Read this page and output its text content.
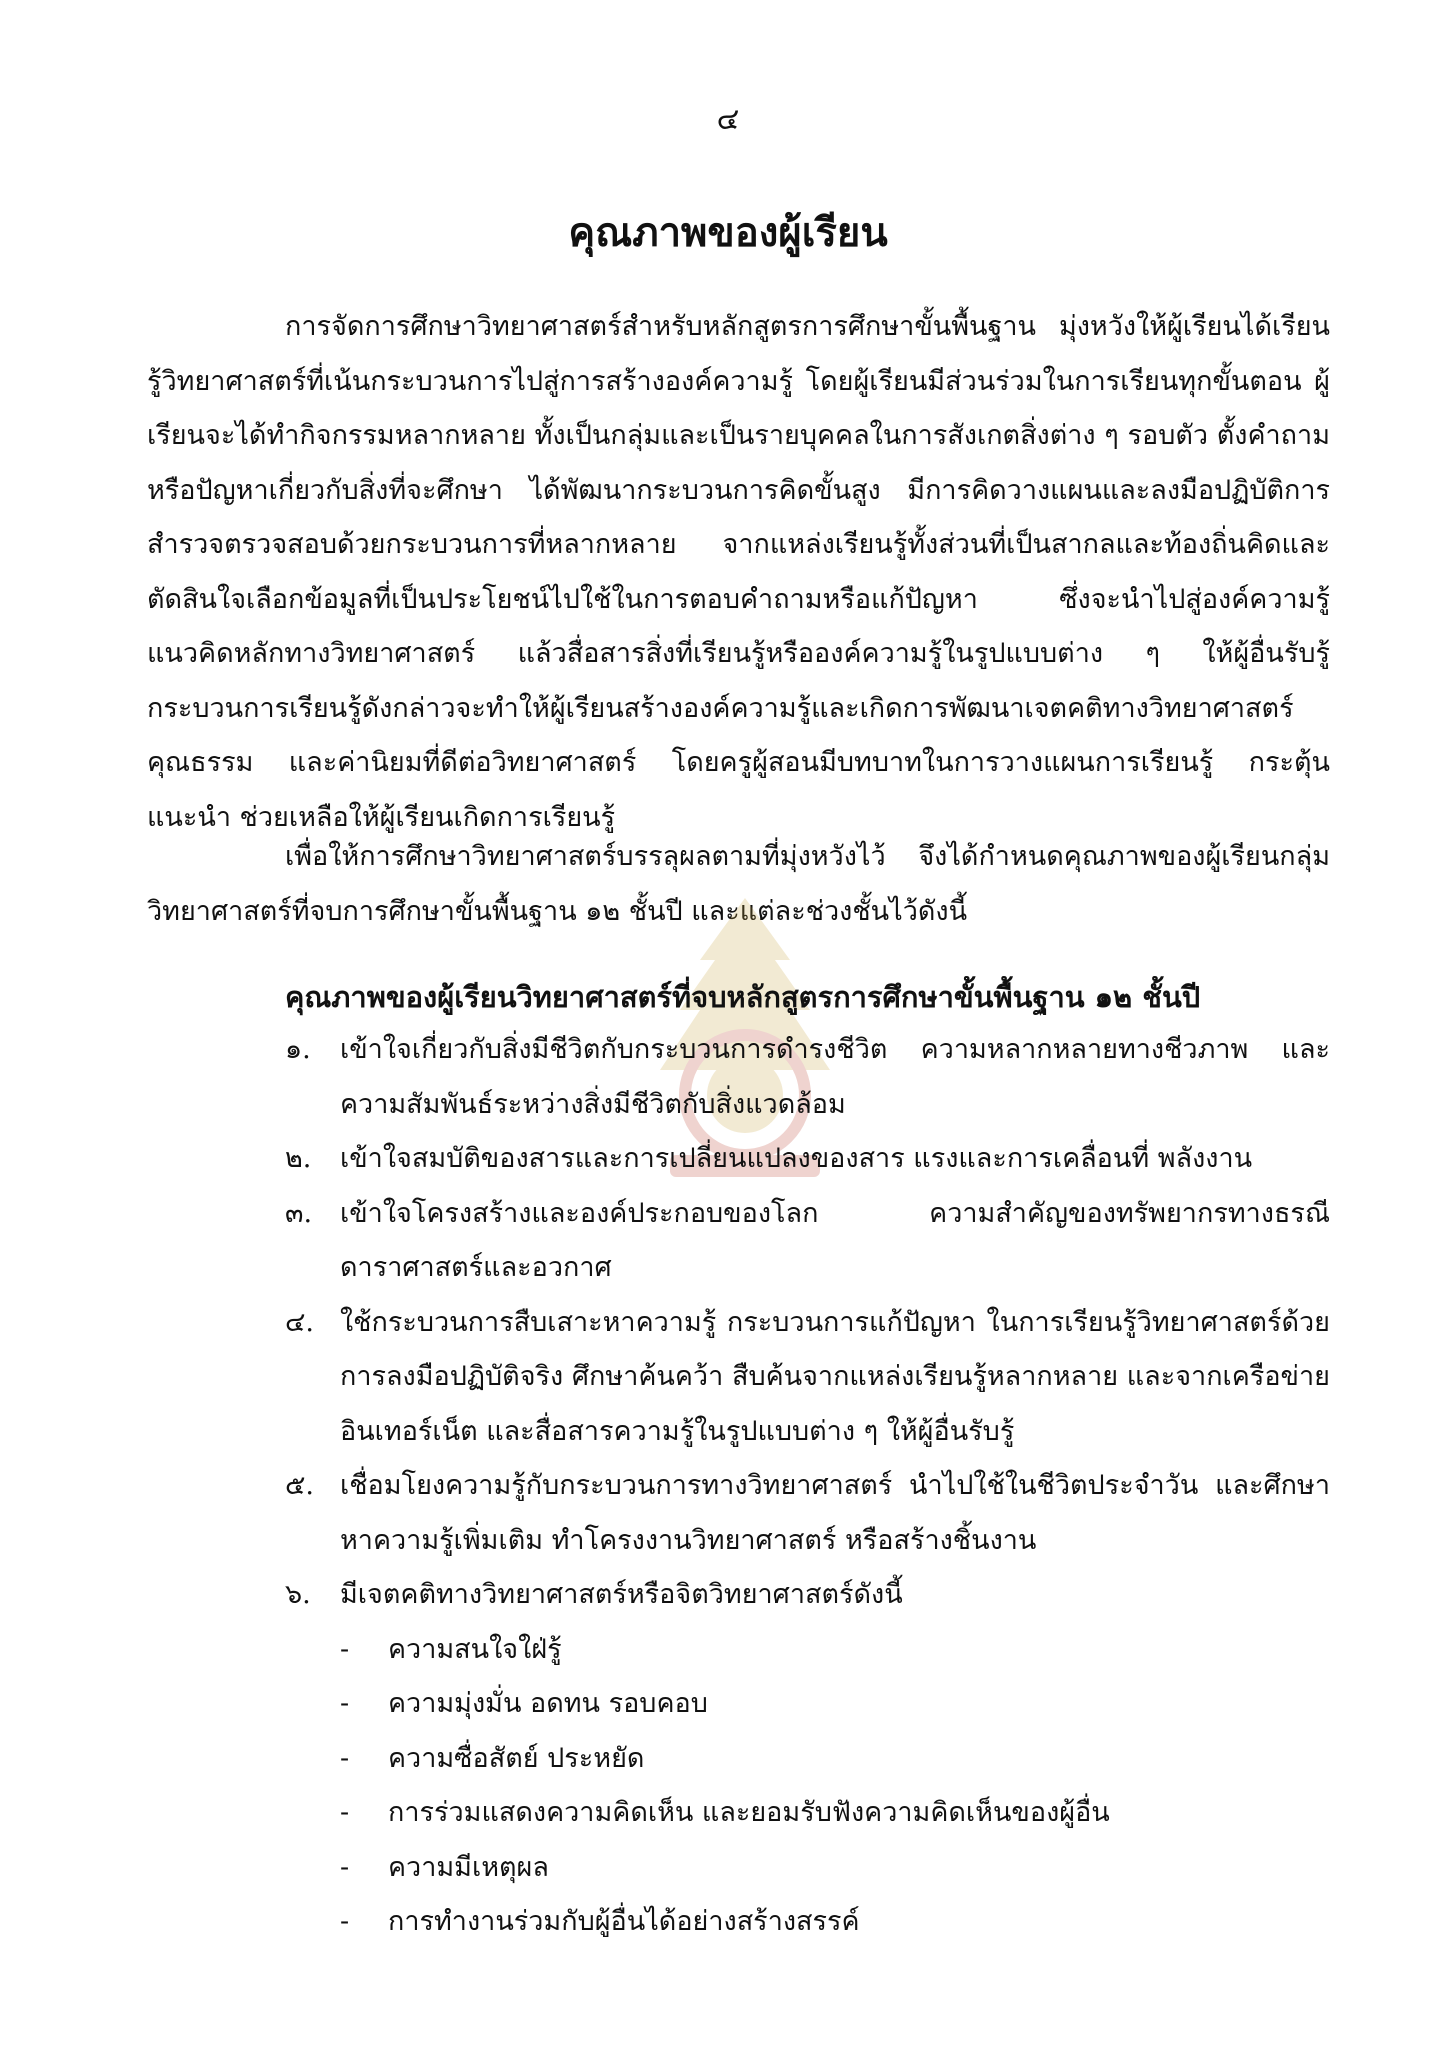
๔
คุณภาพของผู้เรียน

การจัดการศึกษาวิทยาศาสตร์สำหรับหลักสูตรการศึกษาขั้นพื้นฐาน มุ่งหวังให้ผู้เรียนได้เรียนรู้วิทยาศาสตร์ที่เน้นกระบวนการไปสู่การสร้างองค์ความรู้ โดยผู้เรียนมีส่วนร่วมในการเรียนทุกขั้นตอน ผู้เรียนจะได้ทำกิจกรรมหลากหลาย ทั้งเป็นกลุ่มและเป็นรายบุคคลในการสังเกตสิ่งต่าง ๆ รอบตัว ตั้งคำถามหรือปัญหาเกี่ยวกับสิ่งที่จะศึกษา ได้พัฒนากระบวนการคิดขั้นสูง มีการคิดวางแผนและลงมือปฏิบัติการสำรวจตรวจสอบด้วยกระบวนการที่หลากหลาย จากแหล่งเรียนรู้ทั้งส่วนที่เป็นสากลและท้องถิ่นคิดและตัดสินใจเลือกข้อมูลที่เป็นประโยชน์ไปใช้ในการตอบคำถามหรือแก้ปัญหา ซึ่งจะนำไปสู่องค์ความรู้แนวคิดหลักทางวิทยาศาสตร์ แล้วสื่อสารสิ่งที่เรียนรู้หรือองค์ความรู้ในรูปแบบต่าง ๆ ให้ผู้อื่นรับรู้กระบวนการเรียนรู้ดังกล่าวจะทำให้ผู้เรียนสร้างองค์ความรู้และเกิดการพัฒนาเจตคติทางวิทยาศาสตร์คุณธรรม และค่านิยมที่ดีต่อวิทยาศาสตร์ โดยครูผู้สอนมีบทบาทในการวางแผนการเรียนรู้ กระตุ้นแนะนำ ช่วยเหลือให้ผู้เรียนเกิดการเรียนรู้

เพื่อให้การศึกษาวิทยาศาสตร์บรรลุผลตามที่มุ่งหวังไว้ จึงได้กำหนดคุณภาพของผู้เรียนกลุ่มวิทยาศาสตร์ที่จบการศึกษาขั้นพื้นฐาน ๑๒ ชั้นปี และแต่ละช่วงชั้นไว้ดังนี้

คุณภาพของผู้เรียนวิทยาศาสตร์ที่จบหลักสูตรการศึกษาขั้นพื้นฐาน ๑๒ ชั้นปี
๑.	เข้าใจเกี่ยวกับสิ่งมีชีวิตกับกระบวนการดำรงชีวิต ความหลากหลายทางชีวภาพ และความสัมพันธ์ระหว่างสิ่งมีชีวิตกับสิ่งแวดล้อม
๒.	เข้าใจสมบัติของสารและการเปลี่ยนแปลงของสาร แรงและการเคลื่อนที่ พลังงาน
๓.	เข้าใจโครงสร้างและองค์ประกอบของโลก ความสำคัญของทรัพยากรทางธรณี ดาราศาสตร์และอวกาศ
๔. ใช้กระบวนการสืบเสาะหาความรู้ กระบวนการแก้ปัญหา ในการเรียนรู้วิทยาศาสตร์ด้วยการลงมือปฏิบัติจริง ศึกษาค้นคว้า สืบค้นจากแหล่งเรียนรู้หลากหลาย และจากเครือข่ายอินเทอร์เน็ต และสื่อสารความรู้ในรูปแบบต่าง ๆ ให้ผู้อื่นรับรู้
๕. เชื่อมโยงความรู้กับกระบวนการทางวิทยาศาสตร์ นำไปใช้ในชีวิตประจำวัน และศึกษาหาความรู้เพิ่มเติม ทำโครงงานวิทยาศาสตร์ หรือสร้างชิ้นงาน
๖.	มีเจตคติทางวิทยาศาสตร์หรือจิตวิทยาศาสตร์ดังนี้
-	ความสนใจใฝ่รู้
-	ความมุ่งมั่น อดทน รอบคอบ
-	ความซื่อสัตย์ ประหยัด
-	การร่วมแสดงความคิดเห็น และยอมรับฟังความคิดเห็นของผู้อื่น
-	ความมีเหตุผล
-	การทำงานร่วมกับผู้อื่นได้อย่างสร้างสรรค์
